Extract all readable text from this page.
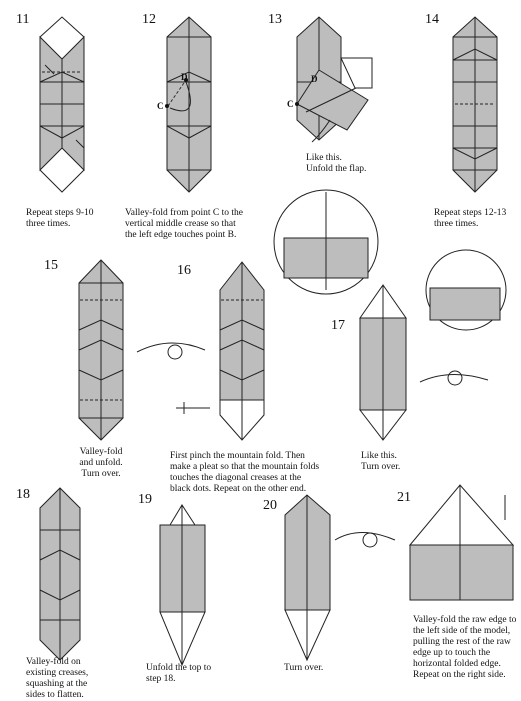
11	12	13	14
15	16
17
18	19	20
21
C
D
C
D
Repeat steps 9-10
three times.
Valley-fold from point C to the
vertical middle crease so that
the left edge touches point B.
Like this.
Unfold the flap.
Repeat steps 12-13
three times.
Valley-fold
and unfold.
Turn over.
First pinch the mountain fold. Then
make a pleat so that the mountain folds
touches the diagonal creases at the
black dots. Repeat on the other end.
Like this.
Turn over.
Valley-fold on
existing creases,
squashing at the
sides to flatten.
Unfold the top to
step 18.
Turn over.
Valley-fold the raw edge to
the left side of the model,
pulling the rest of the raw
edge up to touch the
horizontal folded edge.
Repeat on the right side.
